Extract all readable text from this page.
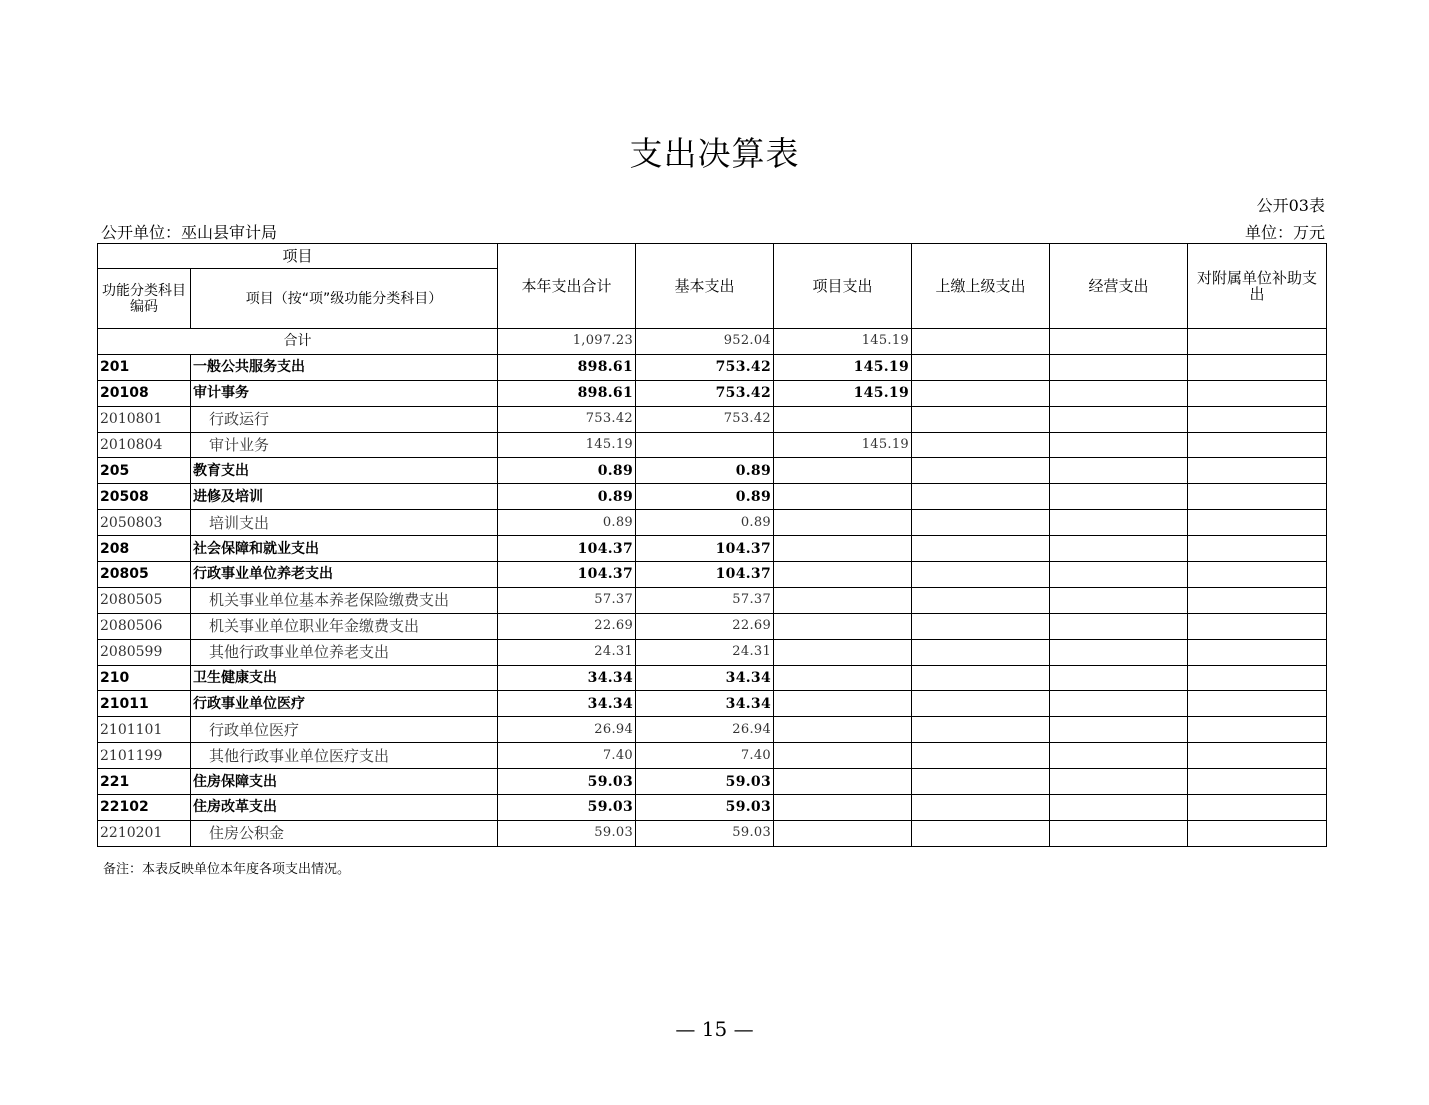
支出决算表
公开03表
公开单位：巫山县审计局	单位：万元
项目		本年支出合计	基本支出	项目支出	上缴上级支出	经营支出	对附属单位补助支出
功能分类科目编码	项目（按“项”级功能分类科目）						
合计		1,097.23	952.04	145.19			
201	一般公共服务支出	898.61	753.42	145.19			
20108	审计事务	898.61	753.42	145.19			
2010801	行政运行	753.42	753.42				
2010804	审计业务	145.19		145.19			
205	教育支出	0.89	0.89				
20508	进修及培训	0.89	0.89				
2050803	培训支出	0.89	0.89				
208	社会保障和就业支出	104.37	104.37				
20805	行政事业单位养老支出	104.37	104.37				
2080505	机关事业单位基本养老保险缴费支出	57.37	57.37				
2080506	机关事业单位职业年金缴费支出	22.69	22.69				
2080599	其他行政事业单位养老支出	24.31	24.31				
210	卫生健康支出	34.34	34.34				
21011	行政事业单位医疗	34.34	34.34				
2101101	行政单位医疗	26.94	26.94				
2101199	其他行政事业单位医疗支出	7.40	7.40				
221	住房保障支出	59.03	59.03				
22102	住房改革支出	59.03	59.03				
2210201	住房公积金	59.03	59.03				
备注：本表反映单位本年度各项支出情况。
— 15 —
